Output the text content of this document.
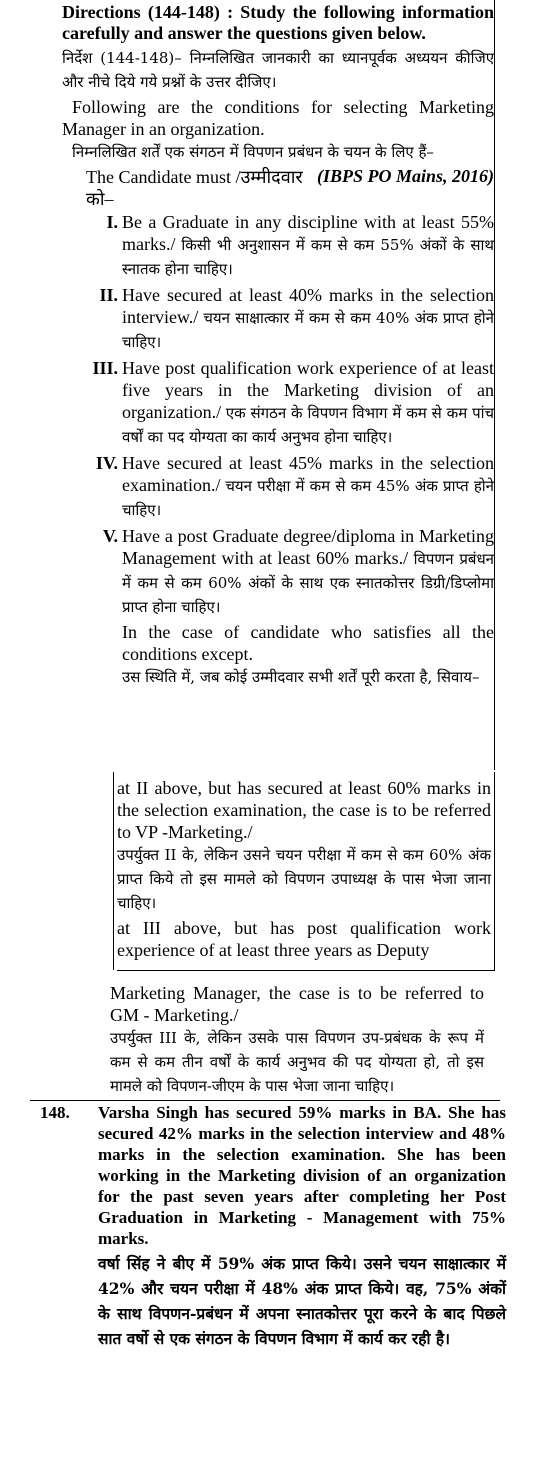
Directions (144-148) : Study the following information carefully and answer the questions given below.

निर्देश (144-148)– निम्नलिखित जानकारी का ध्यानपूर्वक अध्ययन कीजिए और नीचे दिये गये प्रश्नों के उत्तर दीजिए।

Following are the conditions for selecting Marketing Manager in an organization.

निम्नलिखित शर्तें एक संगठन में विपणन प्रबंधन के चयन के लिए हैं–
(IBPS PO Mains, 2016)

The Candidate must /उम्मीदवार को–

I. Be a Graduate in any discipline with at least 55% marks./ किसी भी अनुशासन में कम से कम 55% अंकों के साथ स्नातक होना चाहिए।
II. Have secured at least 40% marks in the selection interview./ चयन साक्षात्कार में कम से कम 40% अंक प्राप्त होने चाहिए।
III. Have post qualification work experience of at least five years in the Marketing division of an organization./ एक संगठन के विपणन विभाग में कम से कम पांच वर्षों का पद योग्यता का कार्य अनुभव होना चाहिए।
IV. Have secured at least 45% marks in the selection examination./ चयन परीक्षा में कम से कम 45% अंक प्राप्त होने चाहिए।
V. Have a post Graduate degree/diploma in Marketing Management with at least 60% marks./ विपणन प्रबंधन में कम से कम 60% अंकों के साथ एक स्नातकोत्तर डिग्री/डिप्लोमा प्राप्त होना चाहिए।

In the case of candidate who satisfies all the conditions except.

उस स्थिति में, जब कोई उम्मीदवार सभी शर्तें पूरी करता है, सिवाय–

at II above, but has secured at least 60% marks in the selection examination, the case is to be referred to VP -Marketing./

उपर्युक्त II के, लेकिन उसने चयन परीक्षा में कम से कम 60% अंक प्राप्त किये तो इस मामले को विपणन उपाध्यक्ष के पास भेजा जाना चाहिए।

at III above, but has post qualification work experience of at least three years as Deputy

Marketing Manager, the case is to be referred to GM - Marketing./

उपर्युक्त III के, लेकिन उसके पास विपणन उप-प्रबंधक के रूप में कम से कम तीन वर्षों के कार्य अनुभव की पद योग्यता हो, तो इस मामले को विपणन-जीएम के पास भेजा जाना चाहिए।

148. Varsha Singh has secured 59% marks in BA. She has secured 42% marks in the selection interview and 48% marks in the selection examination. She has been working in the Marketing division of an organization for the past seven years after completing her Post Graduation in Marketing - Management with 75% marks.

वर्षा सिंह ने बीए में 59% अंक प्राप्त किये। उसने चयन साक्षात्कार में 42% और चयन परीक्षा में 48% अंक प्राप्त किये। वह, 75% अंकों के साथ विपणन-प्रबंधन में अपना स्नातकोत्तर पूरा करने के बाद पिछले सात वर्षो से एक संगठन के विपणन विभाग में कार्य कर रही है।
